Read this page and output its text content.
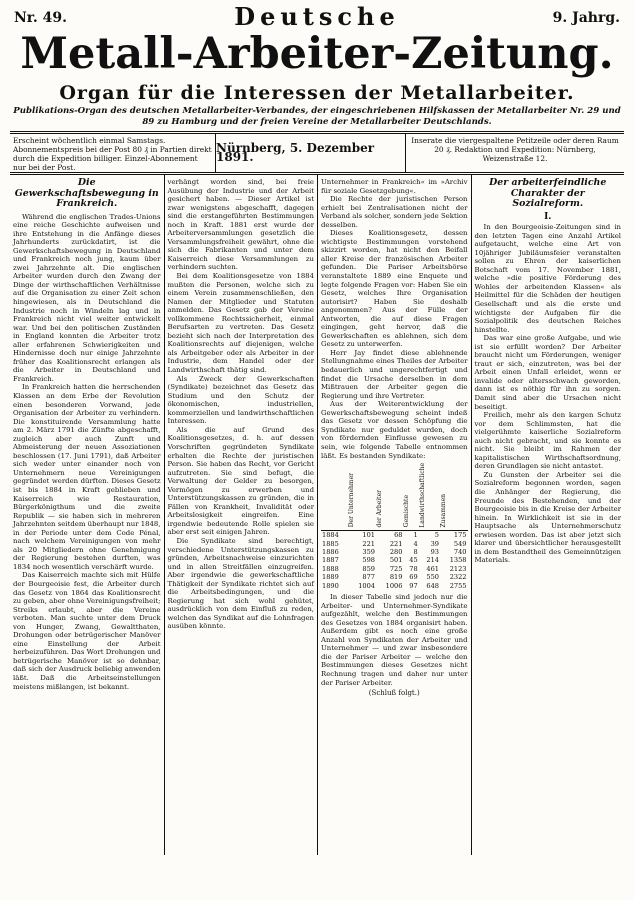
Nr. 49.	Deutsche	9. Jahrg.
Metall-Arbeiter-Zeitung.
Organ für die Interessen der Metallarbeiter.
Publikations-Organ des deutschen Metallarbeiter-Verbandes, der eingeschriebenen Hilfskassen der Metallarbeiter Nr. 29 und 89 zu Hamburg und der freien Vereine der Metallarbeiter Deutschlands.
Erscheint wöchentlich einmal Samstags. Abonnementspreis bei der Post 80 ₰ in Partien direkt durch die Expedition billiger. Einzel-Abonnement nur bei der Post.
Nürnberg, 5. Dezember 1891.
Inserate die viergespaltene Petitzeile oder deren Raum 20 ₰. Redaktion und Expedition: Nürnberg, Weizenstraße 12.
Die Gewerkschaftsbewegung in Frankreich.

Während die englischen Trades-Unions eine reiche Geschichte aufweisen und ihre Entstehung in die Anfänge dieses Jahrhunderts zurückdatirt, ist die Gewerkschaftsbewegung in Deutschland und Frankreich noch jung, kaum über zwei Jahrzehnte alt. Die englischen Arbeiter wurden durch den Zwang der Dinge der wirthschaftlichen Verhältnisse auf die Organisation zu einer Zeit schon hingewiesen, als in Deutschland die Industrie noch in Windeln lag und in Frankreich nicht viel weiter entwickelt war. Und bei den politischen Zuständen in England konnten die Arbeiter trotz aller erfahrenen Schwierigkeiten und Hindernisse doch nur einige Jahrzehnte früher das Koalitionsrecht erlangen als die Arbeiter in Deutschland und Frankreich.

In Frankreich hatten die herrschenden Klassen an dem Erbe der Revolution einen besonderen Vorwand, jede Organisation der Arbeiter zu verhindern. Die konstituirende Versammlung hatte am 2. März 1791 die Zünfte abgeschafft, zugleich aber auch Zunft und Abmeisterung der neuen Assoziationen beschlossen (17. Juni 1791), daß Arbeiter sich weder unter einander noch von Unternehmern neue Vereinigungen gegründet werden dürften. Dieses Gesetz ist bis 1884 in Kraft geblieben und Kaiserreich wie Restauration, Bürgerkönigthum und die zweite Republik — sie haben sich in mehreren Jahrzehnten seitdem überhaupt nur 1848, in der Periode unter dem Code Pénal, nach welchem Vereinigungen von mehr als 20 Mitgliedern ohne Genehmigung der Regierung bestehen durften, was 1834 noch wesentlich verschärft wurde.

Das Kaiserreich machte sich mit Hülfe der Bourgeoisie fest, die Arbeiter durch das Gesetz von 1864 das Koalitionsrecht zu geben, aber ohne Vereinigungsfreiheit; Streiks erlaubt, aber die Vereine verboten. Man suchte unter dem Druck von Hunger, Zwang, Gewaltthaten, Drohungen oder betrügerischer Manöver eine Einstellung der Arbeit herbeizuführen. Das Wort Drohungen und betrügerische Manöver ist so dehnbar, daß sich der Ausdruck beliebig anwenden läßt. Daß die Arbeitseinstellungen meistens mißlangen, ist bekannt.

verhängt worden sind, bei freie Ausübung der Industrie und der Arbeit gesichert haben. — Dieser Artikel ist zwar wenigstens abgeschafft, dagegen sind die erstangeführten Bestimmungen noch in Kraft. 1881 erst wurde der Arbeiterversammlungen gesetzlich die Versammlungsfreiheit gewährt, ohne die sich die Fabrikanten und unter dem Kaiserreich diese Versammlungen zu verhindern suchten.

Bei dem Koalitionsgesetze von 1884 mußten die Personen, welche sich zu einem Verein zusammenschließen, den Namen der Mitglieder und Statuten anmelden. Das Gesetz gab der Vereine vollkommene Rechtssicherheit, einmal Berufsarten zu vertreten. Das Gesetz bezieht sich nach der Interpretation des Koalitionsrechts auf diejenigen, welche als Arbeitgeber oder als Arbeiter in der Industrie, dem Handel oder der Landwirthschaft thätig sind.

Als Zweck der Gewerkschaften (Syndikate) bezeichnet das Gesetz das Studium und den Schutz der ökonomischen, industriellen, kommerziellen und landwirthschaftlichen Interessen.

Als die auf Grund des Koalitionsgesetzes, d. h. auf dessen Vorschriften gegründeten Syndikate erhalten die Rechte der juristischen Person. Sie haben das Recht, vor Gericht aufzutreten. Sie sind befugt, die Verwaltung der Gelder zu besorgen, Vermögen zu erwerben und Unterstützungskassen zu gründen, die in Fällen von Krankheit, Invalidität oder Arbeitslosigkeit eingreifen. Eine irgendwie bedeutende Rolle spielen sie aber erst seit einigen Jahren.

Die Syndikate sind berechtigt, verschiedene Unterstützungskassen zu gründen, Arbeitsnachweise einzurichten und in allen Streitfällen einzugreifen. Aber irgendwie die gewerkschaftliche Thätigkeit der Syndikate richtet sich auf die Arbeitsbedingungen, und die Regierung hat sich wohl gehütet, ausdrücklich von dem Einfluß zu reden, welchen das Syndikat auf die Lohnfragen ausüben könnte.

Unternehmer in Frankreich« im »Archiv für soziale Gesetzgebung«.

Die Rechte der juristischen Person erhielt bei Zentralisationen nicht der Verband als solcher, sondern jede Sektion desselben.

Dieses Koalitionsgesetz, dessen wichtigste Bestimmungen vorstehend skizzirt worden, hat nicht den Beifall aller Kreise der französischen Arbeiter gefunden. Die Pariser Arbeitsbörse veranstaltete 1889 eine Enquete und legte folgende Fragen vor: Haben Sie ein Gesetz, welches Ihre Organisation autorisirt? Haben Sie deshalb angenommen? Aus der Fülle der Antworten, die auf diese Fragen eingingen, geht hervor, daß die Gewerkschaften es ablehnen, sich dem Gesetz zu unterwerfen.

Herr Jay findet diese ablehnende Stellungnahme eines Theiles der Arbeiter bedauerlich und ungerechtfertigt und findet die Ursache derselben in dem Mißtrauen der Arbeiter gegen die Regierung und ihre Vertreter.

Aus der Weiterentwicklung der Gewerkschaftsbewegung scheint indeß das Gesetz vor dessen Schöpfung die Syndikate nur geduldet wurden, doch von fördernden Einflusse gewesen zu sein, wie folgende Tabelle entnommen läßt. Es bestanden Syndikate:

	Der Unternehmer	der Arbeiter	Gemischte	Landwirthschaftliche	Zusammen
1884	101	68	1	5	175
1885	221	221	4	39	549
1886	359	280	8	93	740
1887	598	501	45	214	1358
1888	859	725	78	461	2123
1889	877	819	69	550	2322
1890	1004	1006	97	648	2755

In dieser Tabelle sind jedoch nur die Arbeiter- und Unternehmer-Syndikate aufgezählt, welche den Bestimmungen des Gesetzes von 1884 organisirt haben. Außerdem gibt es noch eine große Anzahl von Syndikaten der Arbeiter und Unternehmer — und zwar insbesondere die der Pariser Arbeiter — welche den Bestimmungen dieses Gesetzes nicht Rechnung tragen und daher nur unter der Pariser Arbeiter.

(Schluß folgt.)
Der arbeiterfeindliche Charakter der Sozialreform.
I.

In den Bourgeoisie-Zeitungen sind in den letzten Tagen eine Anzahl Artikel aufgetaucht, welche eine Art von 10jähriger Jubiläumsfeier veranstalten sollen zu Ehren der kaiserlichen Botschaft vom 17. November 1881, welche »die positive Förderung des Wohles der arbeitenden Klassen« als Heilmittel für die Schäden der heutigen Gesellschaft und als die erste und wichtigste der Aufgaben für die Sozialpolitik des deutschen Reiches hinstellte.

Das war eine große Aufgabe, und wie ist sie erfüllt worden? Der Arbeiter braucht nicht um Förderungen, weniger traut er sich, einzutreten, was bei der Arbeit einen Unfall erleidet, wenn er invalide oder altersschwach geworden, dann ist es nöthig für ihn zu sorgen. Damit sind aber die Ursachen nicht beseitigt.

Freilich, mehr als den kargen Schutz vor dem Schlimmsten, hat die vielgerühmte kaiserliche Sozialreform auch nicht gebracht, und sie konnte es nicht. Sie bleibt im Rahmen der kapitalistischen Wirthschaftsordnung, deren Grundlagen sie nicht antastet.

Zu Gunsten der Arbeiter sei die Sozialreform begonnen worden, sagen die Anhänger der Regierung, die Freunde des Bestehenden, und der Bourgeoisie bis in die Kreise der Arbeiter hinein. In Wirklichkeit ist sie in der Hauptsache als Unternehmerschutz erwiesen worden. Das ist aber jetzt sich klarer und übersichtlicher herausgestellt in dem Bestandtheil des Gemeinnützigen Materials.
